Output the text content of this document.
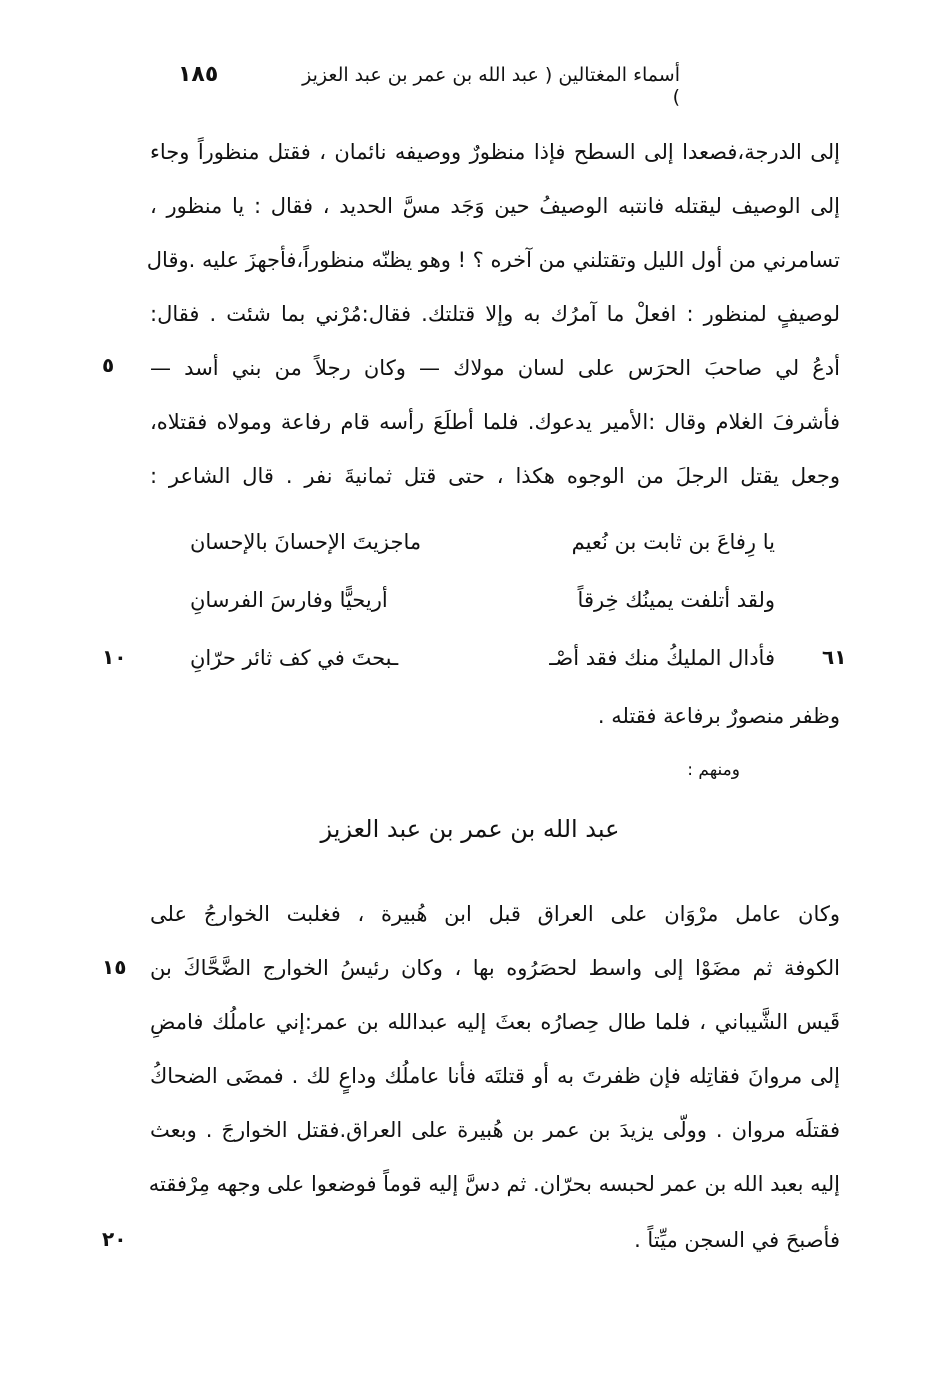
أسماء المغتالين ( عبد الله بن عمر بن عبد العزيز )
١٨٥
إلى الدرجة،فصعدا إلى السطح فإذا منظورٌ ووصيفه نائمان ، فقتل منظوراً وجاء
إلى الوصيف ليقتله فانتبه الوصيفُ حين وَجَد مسَّ الحديد ، فقال : يا منظور ،
تسامرني من أول الليل وتقتلني من آخره ؟ ! وهو يظنّه منظوراً،فأجهزَ عليه .وقال
لوصيفٍ لمنظور : افعلْ ما آمرُك به وإلا قتلتك. فقال:مُرْني بما شئت . فقال:
أدعُ لي صاحبَ الحرَس على لسان مولاك — وكان رجلاً من بني أسد —
فأشرفَ الغلام وقال :الأمير يدعوك. فلما أطلَعَ رأسه قام رفاعة ومولاه فقتلاه،
وجعل يقتل الرجلَ من الوجوه هكذا ، حتى قتل ثمانيةَ نفر . قال الشاعر :
٥
يا رِفاعَ بن ثابت بن نُعيم
ماجزيتَ الإحسانَ بالإحسان
ولقد أتلفت يمينُك خِرقاً
أريحيًّا وفارسَ الفرسانِ
فأدال المليكُ منك فقد أصْـ
ـبحتَ في كف ثائر حرّانِ
١٠	٦١
وظفر منصورٌ برفاعة فقتله .
ومنهم :
عبد الله بن عمر بن عبد العزيز
وكان عامل مرْوَان على العراق قبل ابن هُبيرة ، فغلبت الخوارجُ على
الكوفة ثم مضَوْا إلى واسط لحصَرُوه بها ، وكان رئيسُ الخوارج الضَّحَّاكَ بن
قَيس الشَّيباني ، فلما طال حِصارُه بعثَ إليه عبدالله بن عمر:إني عاملُك فامضِ
إلى مروانَ فقاتِله فإن ظفرتَ به أو قتلتَه فأنا عاملُك وداعٍ لك . فمضَى الضحاكُ
فقتلَه مروان . وولّى يزيدَ بن عمر بن هُبيرة على العراق.فقتل الخوارجَ . وبعث
إليه بعبد الله بن عمر لحبسه بحرّان. ثم دسَّ إليه قوماً فوضعوا على وجهه مِرْفقته
فأصبحَ في السجن ميِّتاً .
١٥
٢٠
